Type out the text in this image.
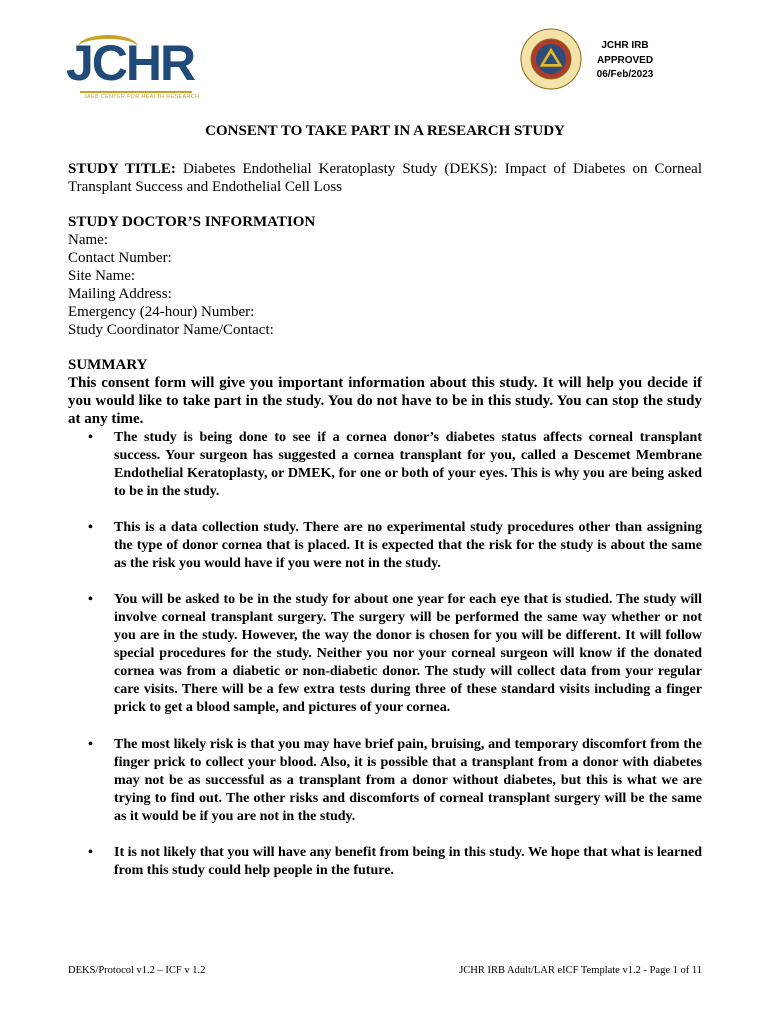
JCHR
JAEB CENTER FOR HEALTH RESEARCH
JCHR IRB
APPROVED
06/Feb/2023
CONSENT TO TAKE PART IN A RESEARCH STUDY
STUDY TITLE: Diabetes Endothelial Keratoplasty Study (DEKS): Impact of Diabetes on Corneal Transplant Success and Endothelial Cell Loss
STUDY DOCTOR’S INFORMATION
Name:
Contact Number:
Site Name:
Mailing Address:
Emergency (24-hour) Number:
Study Coordinator Name/Contact:
SUMMARY
This consent form will give you important information about this study. It will help you decide if you would like to take part in the study. You do not have to be in this study. You can stop the study at any time.
• The study is being done to see if a cornea donor’s diabetes status affects corneal transplant success. Your surgeon has suggested a cornea transplant for you, called a Descemet Membrane Endothelial Keratoplasty, or DMEK, for one or both of your eyes. This is why you are being asked to be in the study.
• This is a data collection study. There are no experimental study procedures other than assigning the type of donor cornea that is placed. It is expected that the risk for the study is about the same as the risk you would have if you were not in the study.
• You will be asked to be in the study for about one year for each eye that is studied. The study will involve corneal transplant surgery. The surgery will be performed the same way whether or not you are in the study. However, the way the donor is chosen for you will be different. It will follow special procedures for the study. Neither you nor your corneal surgeon will know if the donated cornea was from a diabetic or non-diabetic donor. The study will collect data from your regular care visits. There will be a few extra tests during three of these standard visits including a finger prick to get a blood sample, and pictures of your cornea.
• The most likely risk is that you may have brief pain, bruising, and temporary discomfort from the finger prick to collect your blood. Also, it is possible that a transplant from a donor with diabetes may not be as successful as a transplant from a donor without diabetes, but this is what we are trying to find out. The other risks and discomforts of corneal transplant surgery will be the same as it would be if you are not in the study.
• It is not likely that you will have any benefit from being in this study. We hope that what is learned from this study could help people in the future.
DEKS/Protocol v1.2 – ICF v 1.2	JCHR IRB Adult/LAR eICF Template v1.2 - Page 1 of 11
